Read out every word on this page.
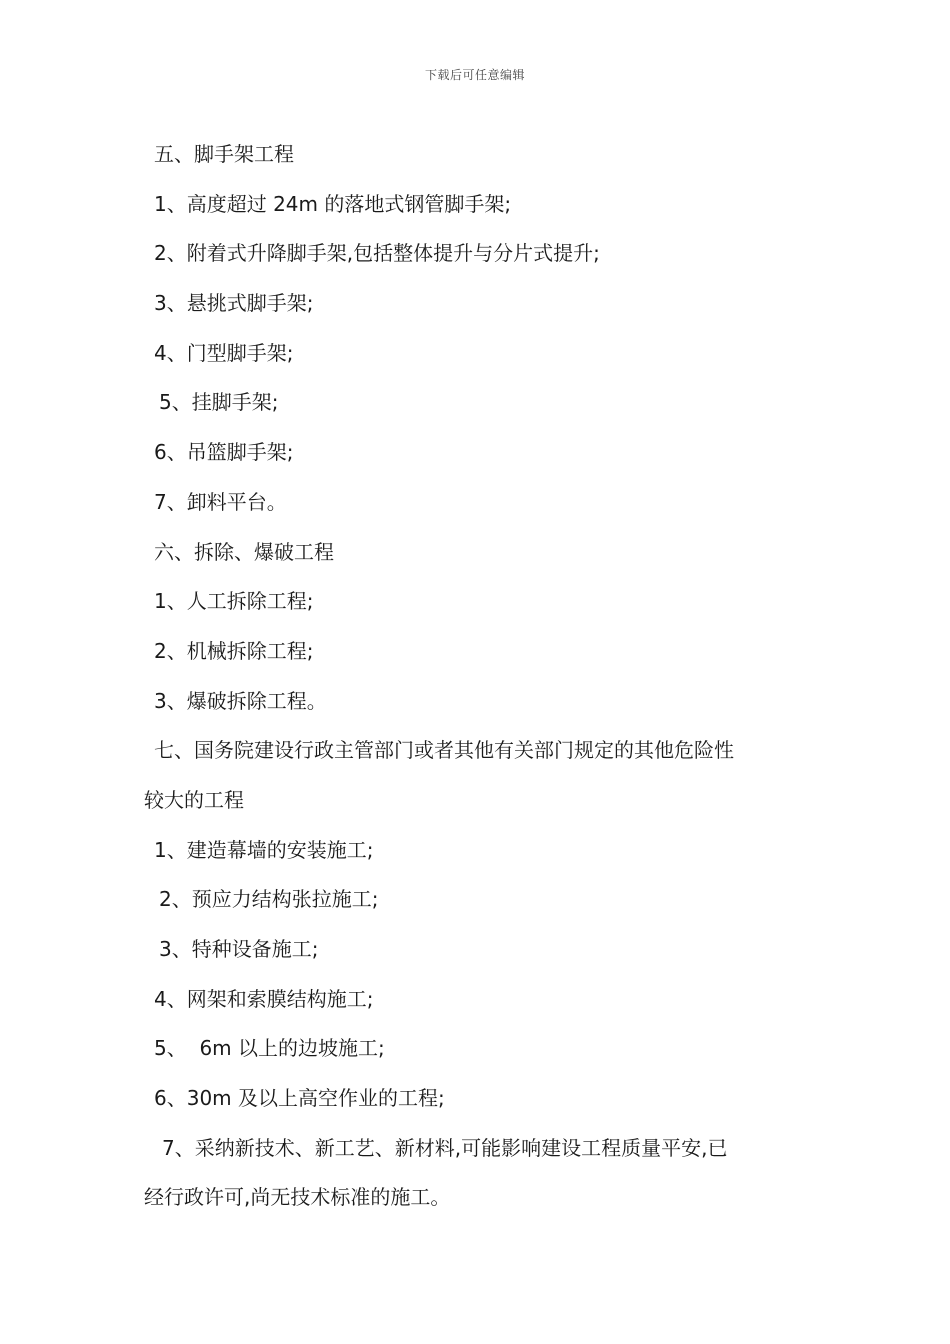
下载后可任意编辑
五、脚手架工程
1、高度超过 24m 的落地式钢管脚手架;
2、附着式升降脚手架,包括整体提升与分片式提升;
3、悬挑式脚手架;
4、门型脚手架;
5、挂脚手架;
6、吊篮脚手架;
7、卸料平台。
六、拆除、爆破工程
1、人工拆除工程;
2、机械拆除工程;
3、爆破拆除工程。
七、国务院建设行政主管部门或者其他有关部门规定的其他危险性
较大的工程
1、建造幕墙的安装施工;
2、预应力结构张拉施工;
3、特种设备施工;
4、网架和索膜结构施工;
5、  6m 以上的边坡施工;
6、30m 及以上高空作业的工程;
7、采纳新技术、新工艺、新材料,可能影响建设工程质量平安,已
经行政许可,尚无技术标准的施工。
